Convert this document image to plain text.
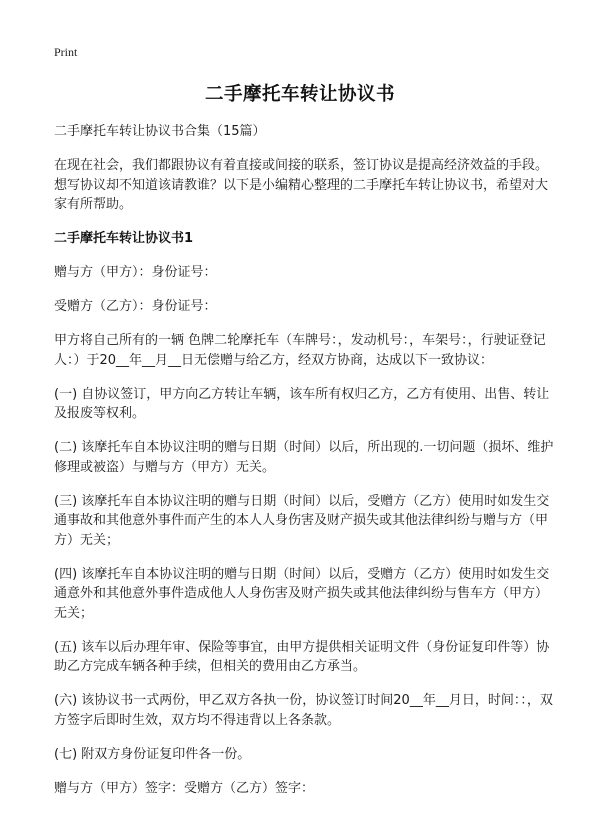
Print
二手摩托车转让协议书
二手摩托车转让协议书合集（15篇）
在现在社会，我们都跟协议有着直接或间接的联系，签订协议是提高经济效益的手段。想写协议却不知道该请教谁？以下是小编精心整理的二手摩托车转让协议书，希望对大家有所帮助。
二手摩托车转让协议书1
赠与方（甲方）：身份证号：
受赠方（乙方）：身份证号：
甲方将自己所有的一辆 色牌二轮摩托车（车牌号：，发动机号：，车架号：，行驶证登记人：）于20__年__月__日无偿赠与给乙方，经双方协商，达成以下一致协议：
(一) 自协议签订，甲方向乙方转让车辆，该车所有权归乙方，乙方有使用、出售、转让及报废等权利。
(二) 该摩托车自本协议注明的赠与日期（时间）以后，所出现的.一切问题（损坏、维护修理或被盗）与赠与方（甲方）无关。
(三) 该摩托车自本协议注明的赠与日期（时间）以后，受赠方（乙方）使用时如发生交通事故和其他意外事件而产生的本人人身伤害及财产损失或其他法律纠纷与赠与方（甲方）无关；
(四) 该摩托车自本协议注明的赠与日期（时间）以后，受赠方（乙方）使用时如发生交通意外和其他意外事件造成他人人身伤害及财产损失或其他法律纠纷与售车方（甲方）无关；
(五) 该车以后办理年审、保险等事宜，由甲方提供相关证明文件（身份证复印件等）协助乙方完成车辆各种手续，但相关的费用由乙方承当。
(六) 该协议书一式两份，甲乙双方各执一份，协议签订时间20__年__月日，时间：：，双方签字后即时生效，双方均不得违背以上各条款。
(七) 附双方身份证复印件各一份。
赠与方（甲方）签字：受赠方（乙方）签字：
